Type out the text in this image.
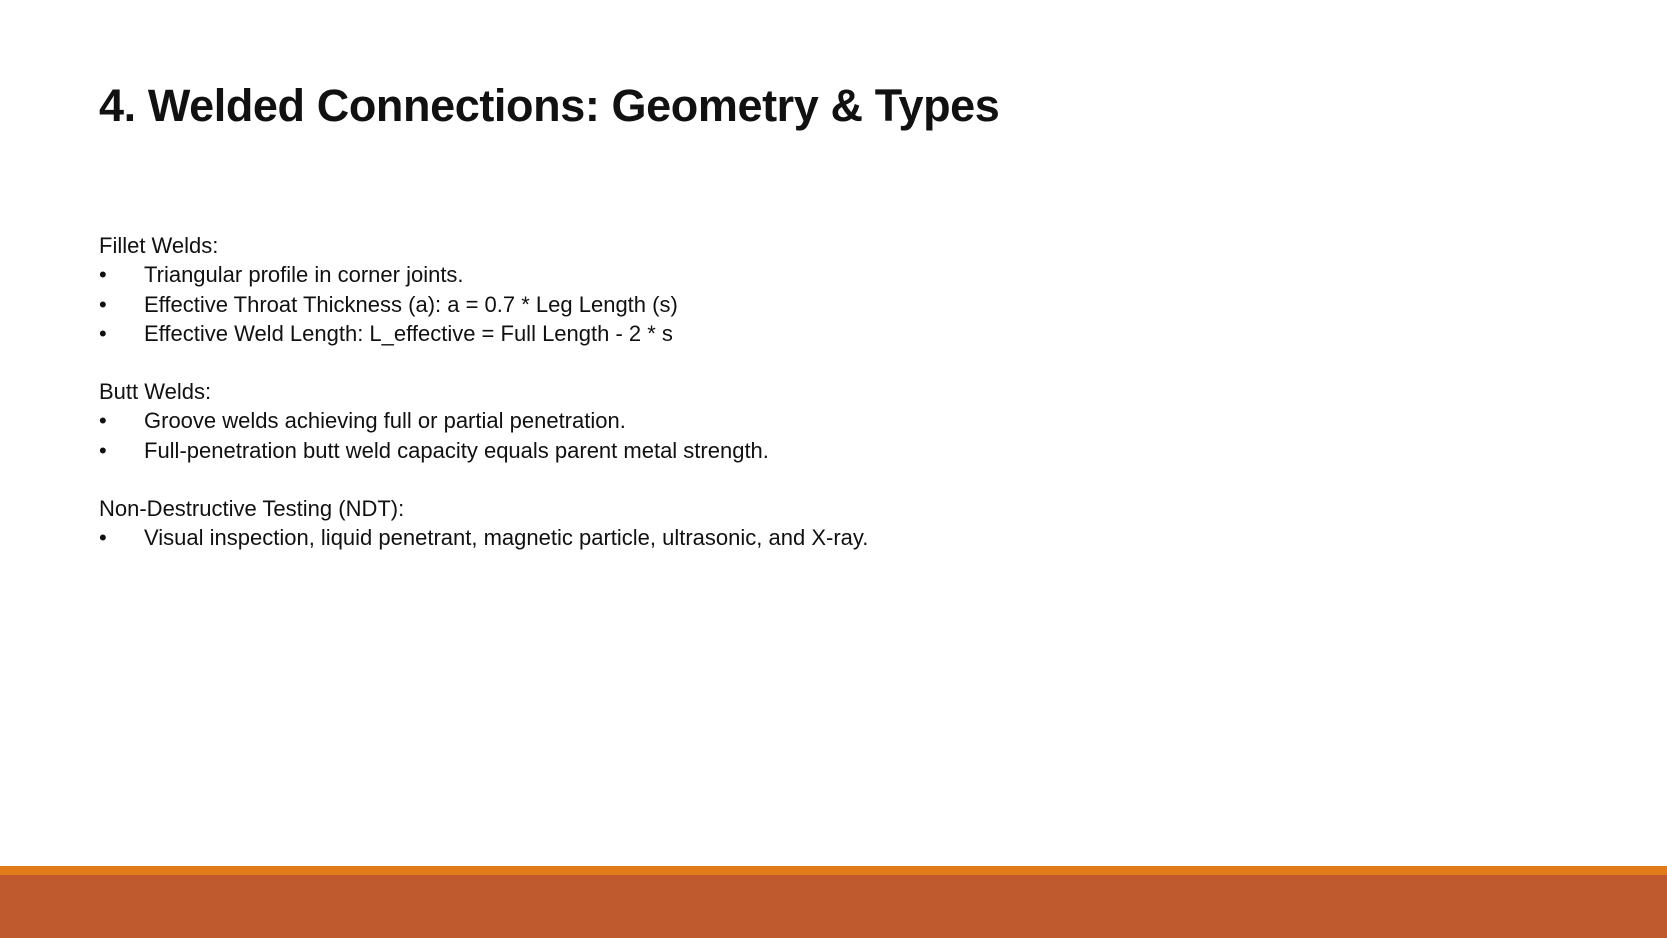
4. Welded Connections: Geometry & Types
Fillet Welds:
• Triangular profile in corner joints.
• Effective Throat Thickness (a): a = 0.7 * Leg Length (s)
• Effective Weld Length: L_effective = Full Length - 2 * s
Butt Welds:
• Groove welds achieving full or partial penetration.
• Full-penetration butt weld capacity equals parent metal strength.
Non-Destructive Testing (NDT):
• Visual inspection, liquid penetrant, magnetic particle, ultrasonic, and X-ray.
